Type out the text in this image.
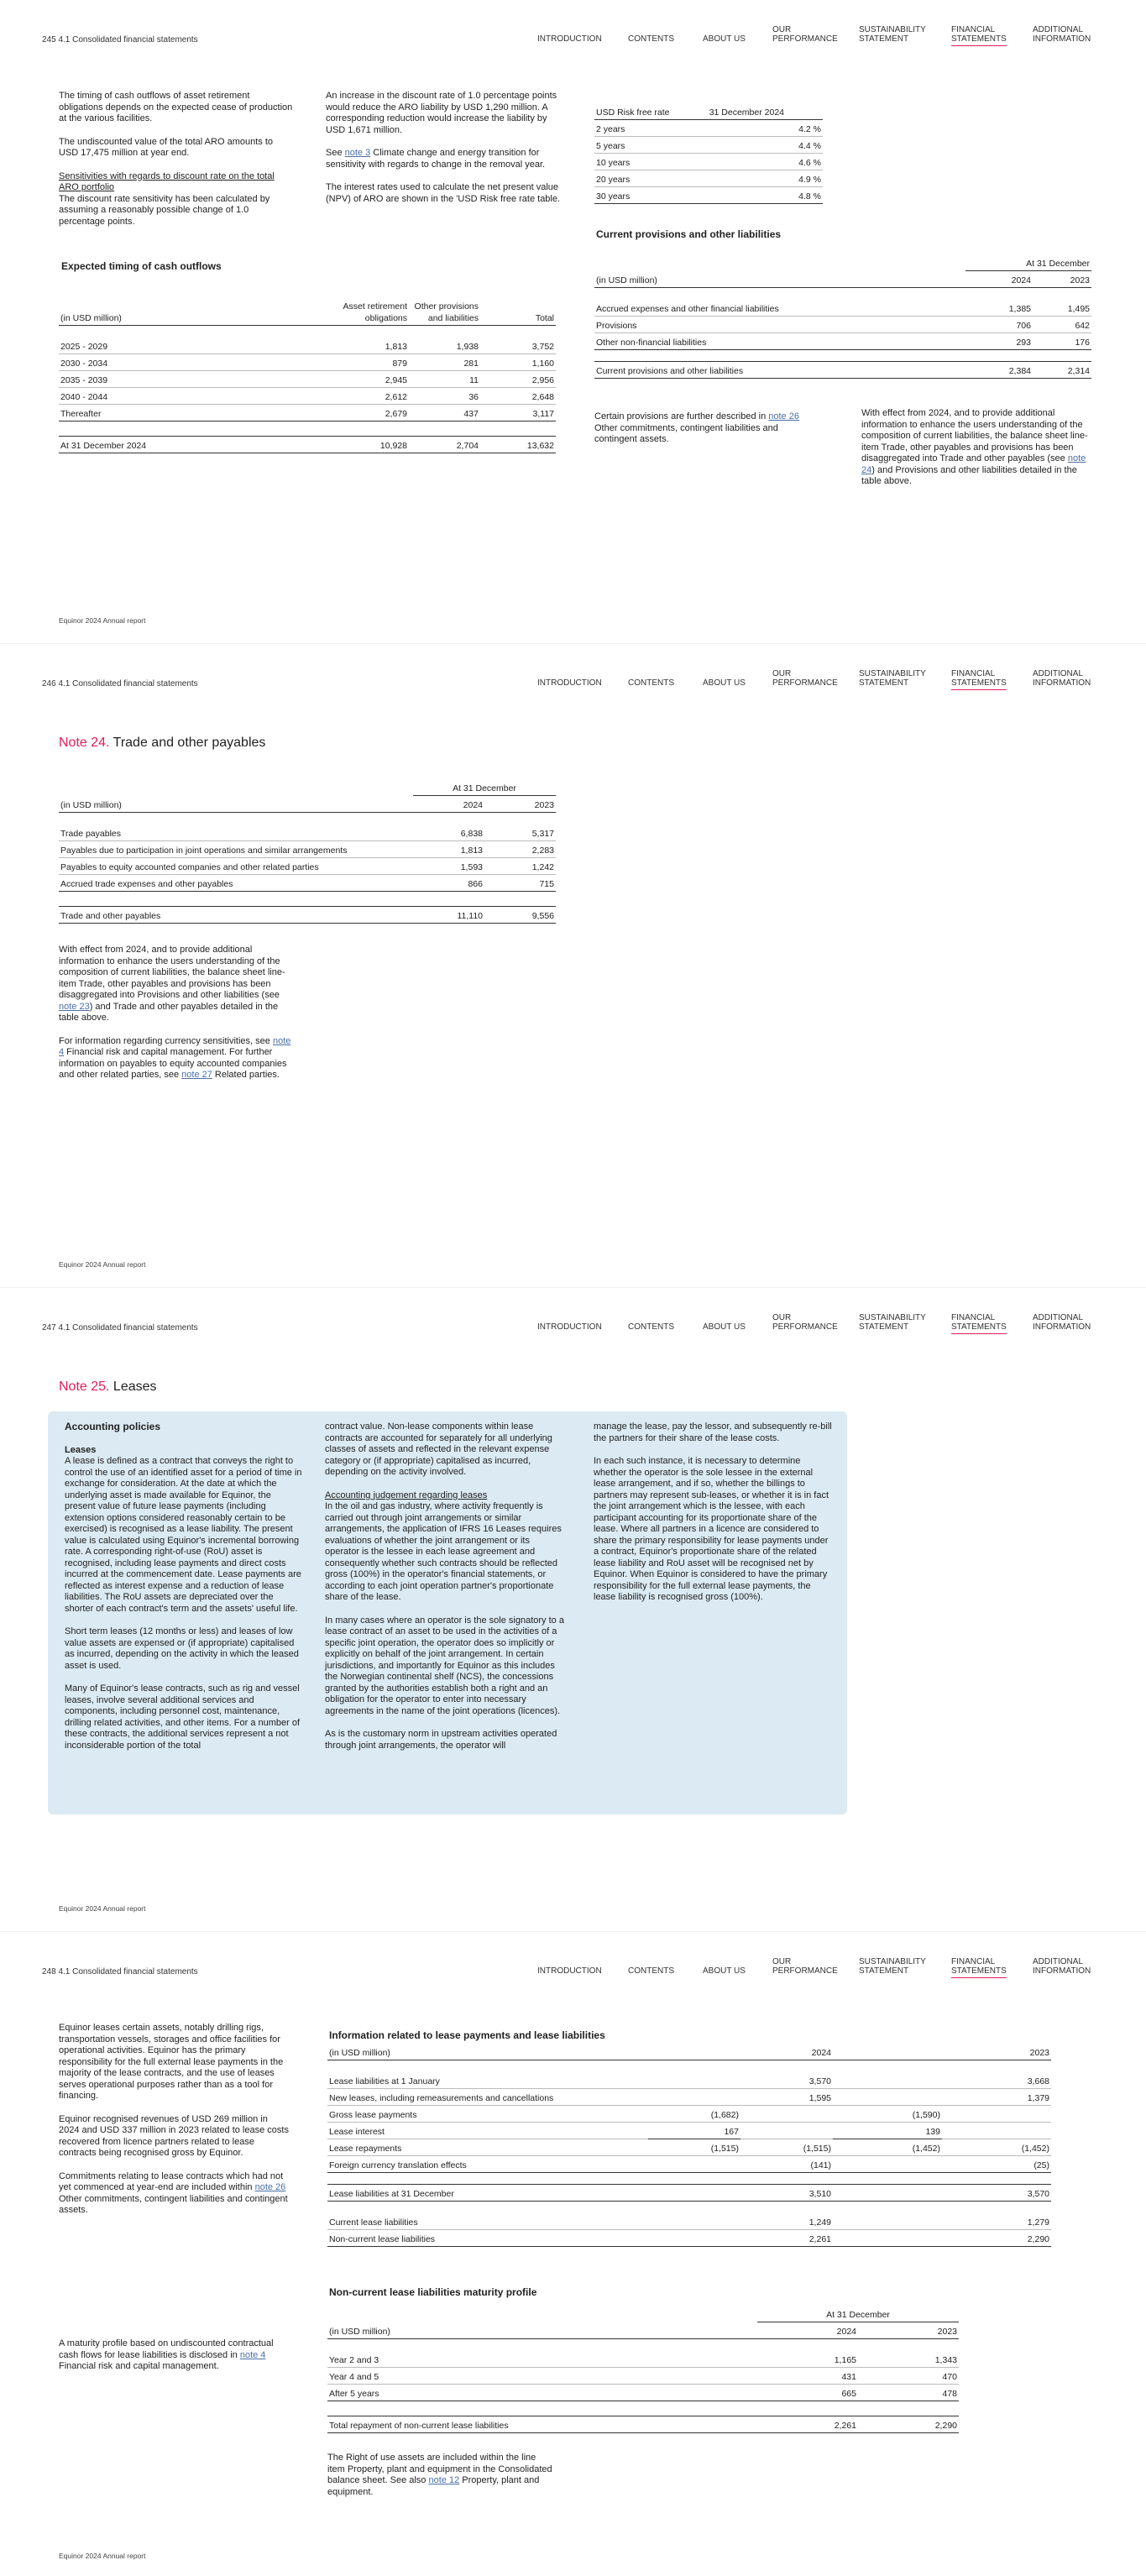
245 4.1 Consolidated financial statements	INTRODUCTION	CONTENTS	ABOUT US
OUR
PERFORMANCE
SUSTAINABILITY
STATEMENT
FINANCIAL
STATEMENTS
ADDITIONAL
INFORMATION

The timing of cash outflows of asset retirement obligations depends on the expected cease of production at the various facilities.

The undiscounted value of the total ARO amounts to USD 17,475 million at year end.

Sensitivities with regards to discount rate on the total ARO portfolio

The discount rate sensitivity has been calculated by assuming a reasonably possible change of 1.0 percentage points.

An increase in the discount rate of 1.0 percentage points would reduce the ARO liability by USD 1,290 million. A corresponding reduction would increase the liability by USD 1,671 million.

See note 3 Climate change and energy transition for sensitivity with regards to change in the removal year.

The interest rates used to calculate the net present value (NPV) of ARO are shown in the 'USD Risk free rate table.

USD Risk free rate	31 December 2024
2 years	4.2 %
5 years	4.4 %
10 years	4.6 %
20 years	4.9 %
30 years	4.8 %
Expected timing of cash outflows
(in USD million)	Asset retirement obligations	Other provisions and liabilities	Total

2025 - 2029	1,813	1,938	3,752
2030 - 2034	879	281	1,160
2035 - 2039	2,945	11	2,956
2040 - 2044	2,612	36	2,648
Thereafter	2,679	437	3,117

At 31 December 2024	10,928	2,704	13,632
Current provisions and other liabilities
	At 31 December	
(in USD million)	2024	2023

Accrued expenses and other financial liabilities	1,385	1,495
Provisions	706	642
Other non-financial liabilities	293	176

Current provisions and other liabilities	2,384	2,314

Certain provisions are further described in note 26 Other commitments, contingent liabilities and contingent assets.

With effect from 2024, and to provide additional information to enhance the users understanding of the composition of current liabilities, the balance sheet line-item Trade, other payables and provisions has been disaggregated into Trade and other payables (see note 24) and Provisions and other liabilities detailed in the table above.

Equinor 2024 Annual report
246 4.1 Consolidated financial statements	INTRODUCTION	CONTENTS	ABOUT US
OUR
PERFORMANCE
SUSTAINABILITY
STATEMENT
FINANCIAL
STATEMENTS
ADDITIONAL
INFORMATION
Note 24. Trade and other payables
	At 31 December	
(in USD million)	2024	2023

Trade payables	6,838	5,317
Payables due to participation in joint operations and similar arrangements	1,813	2,283
Payables to equity accounted companies and other related parties	1,593	1,242
Accrued trade expenses and other payables	866	715

Trade and other payables	11,110	9,556

With effect from 2024, and to provide additional information to enhance the users understanding of the composition of current liabilities, the balance sheet line-item Trade, other payables and provisions has been disaggregated into Provisions and other liabilities (see note 23) and Trade and other payables detailed in the table above.

For information regarding currency sensitivities, see note 4 Financial risk and capital management. For further information on payables to equity accounted companies and other related parties, see note 27 Related parties.

Equinor 2024 Annual report
247 4.1 Consolidated financial statements	INTRODUCTION	CONTENTS	ABOUT US
OUR
PERFORMANCE
SUSTAINABILITY
STATEMENT
FINANCIAL
STATEMENTS
ADDITIONAL
INFORMATION
Note 25. Leases
Equinor 2024 Annual report

Accounting policies

Leases

A lease is defined as a contract that conveys the right to control the use of an identified asset for a period of time in exchange for consideration. At the date at which the underlying asset is made available for Equinor, the present value of future lease payments (including extension options considered reasonably certain to be exercised) is recognised as a lease liability. The present value is calculated using Equinor's incremental borrowing rate. A corresponding right-of-use (RoU) asset is recognised, including lease payments and direct costs incurred at the commencement date. Lease payments are reflected as interest expense and a reduction of lease liabilities. The RoU assets are depreciated over the shorter of each contract's term and the assets' useful life.

Short term leases (12 months or less) and leases of low value assets are expensed or (if appropriate) capitalised as incurred, depending on the activity in which the leased asset is used.

Many of Equinor's lease contracts, such as rig and vessel leases, involve several additional services and components, including personnel cost, maintenance, drilling related activities, and other items. For a number of these contracts, the additional services represent a not inconsiderable portion of the total

contract value. Non-lease components within lease contracts are accounted for separately for all underlying classes of assets and reflected in the relevant expense category or (if appropriate) capitalised as incurred, depending on the activity involved.

Accounting judgement regarding leases

In the oil and gas industry, where activity frequently is carried out through joint arrangements or similar arrangements, the application of IFRS 16 Leases requires evaluations of whether the joint arrangement or its operator is the lessee in each lease agreement and consequently whether such contracts should be reflected gross (100%) in the operator's financial statements, or according to each joint operation partner's proportionate share of the lease.

In many cases where an operator is the sole signatory to a lease contract of an asset to be used in the activities of a specific joint operation, the operator does so implicitly or explicitly on behalf of the joint arrangement. In certain jurisdictions, and importantly for Equinor as this includes the Norwegian continental shelf (NCS), the concessions granted by the authorities establish both a right and an obligation for the operator to enter into necessary agreements in the name of the joint operations (licences).

As is the customary norm in upstream activities operated through joint arrangements, the operator will

manage the lease, pay the lessor, and subsequently re-bill the partners for their share of the lease costs.

In each such instance, it is necessary to determine whether the operator is the sole lessee in the external lease arrangement, and if so, whether the billings to partners may represent sub-leases, or whether it is in fact the joint arrangement which is the lessee, with each participant accounting for its proportionate share of the lease. Where all partners in a licence are considered to share the primary responsibility for lease payments under a contract, Equinor's proportionate share of the related lease liability and RoU asset will be recognised net by Equinor. When Equinor is considered to have the primary responsibility for the full external lease payments, the lease liability is recognised gross (100%).

248 4.1 Consolidated financial statements	INTRODUCTION	CONTENTS	ABOUT US
OUR
PERFORMANCE
SUSTAINABILITY
STATEMENT
FINANCIAL
STATEMENTS
ADDITIONAL
INFORMATION

Equinor leases certain assets, notably drilling rigs, transportation vessels, storages and office facilities for operational activities. Equinor has the primary responsibility for the full external lease payments in the majority of the lease contracts, and the use of leases serves operational purposes rather than as a tool for financing.

Equinor recognised revenues of USD 269 million in 2024 and USD 337 million in 2023 related to lease costs recovered from licence partners related to lease contracts being recognised gross by Equinor.

Commitments relating to lease contracts which had not yet commenced at year-end are included within note 26 Other commitments, contingent liabilities and contingent assets.

A maturity profile based on undiscounted contractual cash flows for lease liabilities is disclosed in note 4 Financial risk and capital management.

Information related to lease payments and lease liabilities
(in USD million)		2024		2023

Lease liabilities at 1 January		3,570		3,668
New leases, including remeasurements and cancellations		1,595		1,379
Gross lease payments	(1,682)		(1,590)	
Lease interest	167		139	
Lease repayments	(1,515)	(1,515)	(1,452)	(1,452)
Foreign currency translation effects		(141)		(25)

Lease liabilities at 31 December		3,510		3,570

Current lease liabilities		1,249		1,279
Non-current lease liabilities		2,261		2,290
Non-current lease liabilities maturity profile
	At 31 December	
(in USD million)	2024	2023

Year 2 and 3	1,165	1,343
Year 4 and 5	431	470
After 5 years	665	478

Total repayment of non-current lease liabilities	2,261	2,290

The Right of use assets are included within the line item Property, plant and equipment in the Consolidated balance sheet. See also note 12 Property, plant and equipment.

Equinor 2024 Annual report
